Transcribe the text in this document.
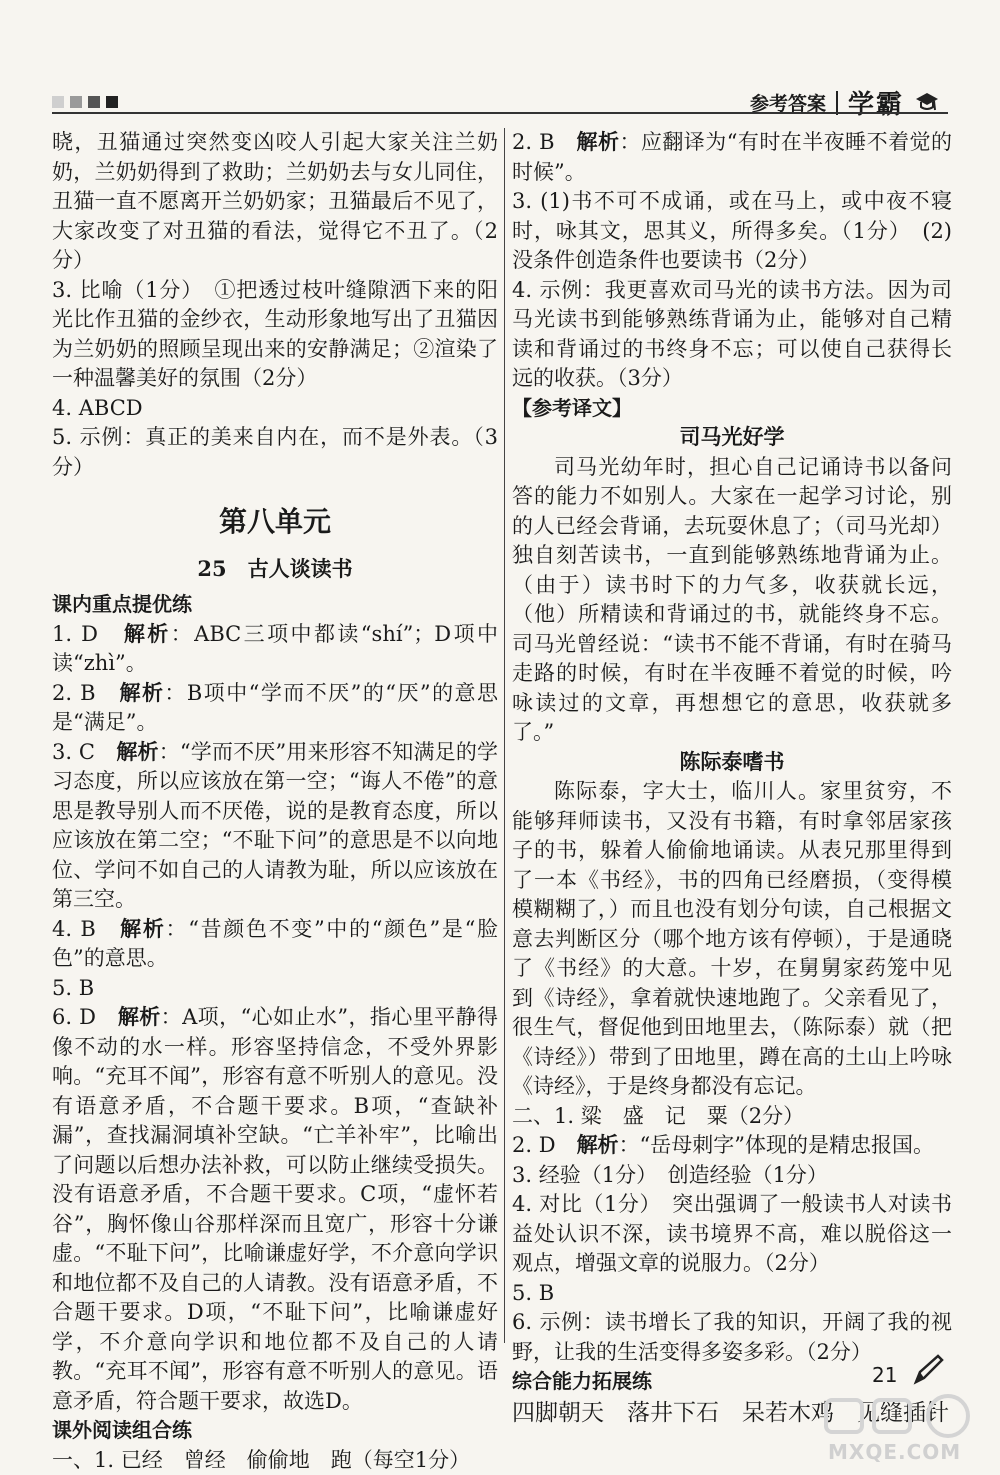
参考答案 学霸

晓，丑猫通过突然变凶咬人引起大家关注兰奶奶，兰奶奶得到了救助；兰奶奶去与女儿同住，丑猫一直不愿离开兰奶奶家；丑猫最后不见了，大家改变了对丑猫的看法，觉得它不丑了。（2分）

3. 比喻（1分）　①把透过枝叶缝隙洒下来的阳光比作丑猫的金纱衣，生动形象地写出了丑猫因为兰奶奶的照顾呈现出来的安静满足；②渲染了一种温馨美好的氛围（2分）

4. ABCD

5. 示例：真正的美来自内在，而不是外表。（3分）

第八单元
25　古人谈读书
课内重点提优练

1. D　解析：ABC三项中都读“shí”；D项中读“zhì”。

2. B　解析：B项中“学而不厌”的“厌”的意思是“满足”。

3. C　解析：“学而不厌”用来形容不知满足的学习态度，所以应该放在第一空；“诲人不倦”的意思是教导别人而不厌倦，说的是教育态度，所以应该放在第二空；“不耻下问”的意思是不以向地位、学问不如自己的人请教为耻，所以应该放在第三空。

4. B　解析：“昔颜色不变”中的“颜色”是“脸色”的意思。

5. B

6. D　解析：A项，“心如止水”，指心里平静得像不动的水一样。形容坚持信念，不受外界影响。“充耳不闻”，形容有意不听别人的意见。没有语意矛盾，不合题干要求。B项，“查缺补漏”，查找漏洞填补空缺。“亡羊补牢”，比喻出了问题以后想办法补救，可以防止继续受损失。没有语意矛盾，不合题干要求。C项，“虚怀若谷”，胸怀像山谷那样深而且宽广，形容十分谦虚。“不耻下问”，比喻谦虚好学，不介意向学识和地位都不及自己的人请教。没有语意矛盾，不合题干要求。D项，“不耻下问”，比喻谦虚好学，不介意向学识和地位都不及自己的人请教。“充耳不闻”，形容有意不听别人的意见。语意矛盾，符合题干要求，故选D。

课外阅读组合练

一、1. 已经　曾经　偷偷地　跑（每空1分）

2. B　解析：应翻译为“有时在半夜睡不着觉的时候”。

3. (1)书不可不成诵，或在马上，或中夜不寝时，咏其文，思其义，所得多矣。（1分）　(2)没条件创造条件也要读书（2分）

4. 示例：我更喜欢司马光的读书方法。因为司马光读书到能够熟练背诵为止，能够对自己精读和背诵过的书终身不忘；可以使自己获得长远的收获。（3分）

【参考译文】
司马光好学

司马光幼年时，担心自己记诵诗书以备问答的能力不如别人。大家在一起学习讨论，别的人已经会背诵，去玩耍休息了；（司马光却）独自刻苦读书，一直到能够熟练地背诵为止。（由于）读书时下的力气多，收获就长远，（他）所精读和背诵过的书，就能终身不忘。司马光曾经说：“读书不能不背诵，有时在骑马走路的时候，有时在半夜睡不着觉的时候，吟咏读过的文章，再想想它的意思，收获就多了。”

陈际泰嗜书

陈际泰，字大士，临川人。家里贫穷，不能够拜师读书，又没有书籍，有时拿邻居家孩子的书，躲着人偷偷地诵读。从表兄那里得到了一本《书经》，书的四角已经磨损，（变得模模糊糊了，）而且也没有划分句读，自己根据文意去判断区分（哪个地方该有停顿），于是通晓了《书经》的大意。十岁，在舅舅家药笼中见到《诗经》，拿着就快速地跑了。父亲看见了，很生气，督促他到田地里去，（陈际泰）就（把《诗经》）带到了田地里，蹲在高的土山上吟咏《诗经》，于是终身都没有忘记。

二、1. 粱　盛　记　粟（2分）

2. D　解析：“岳母刺字”体现的是精忠报国。

3. 经验（1分）　创造经验（1分）

4. 对比（1分）　突出强调了一般读书人对读书益处认识不深，读书境界不高，难以脱俗这一观点，增强文章的说服力。（2分）

5. B

6. 示例：读书增长了我的知识，开阔了我的视野，让我的生活变得多姿多彩。（2分）

综合能力拓展练

四脚朝天　落井下石　呆若木鸡　见缝插针

21
MXQE.COM
